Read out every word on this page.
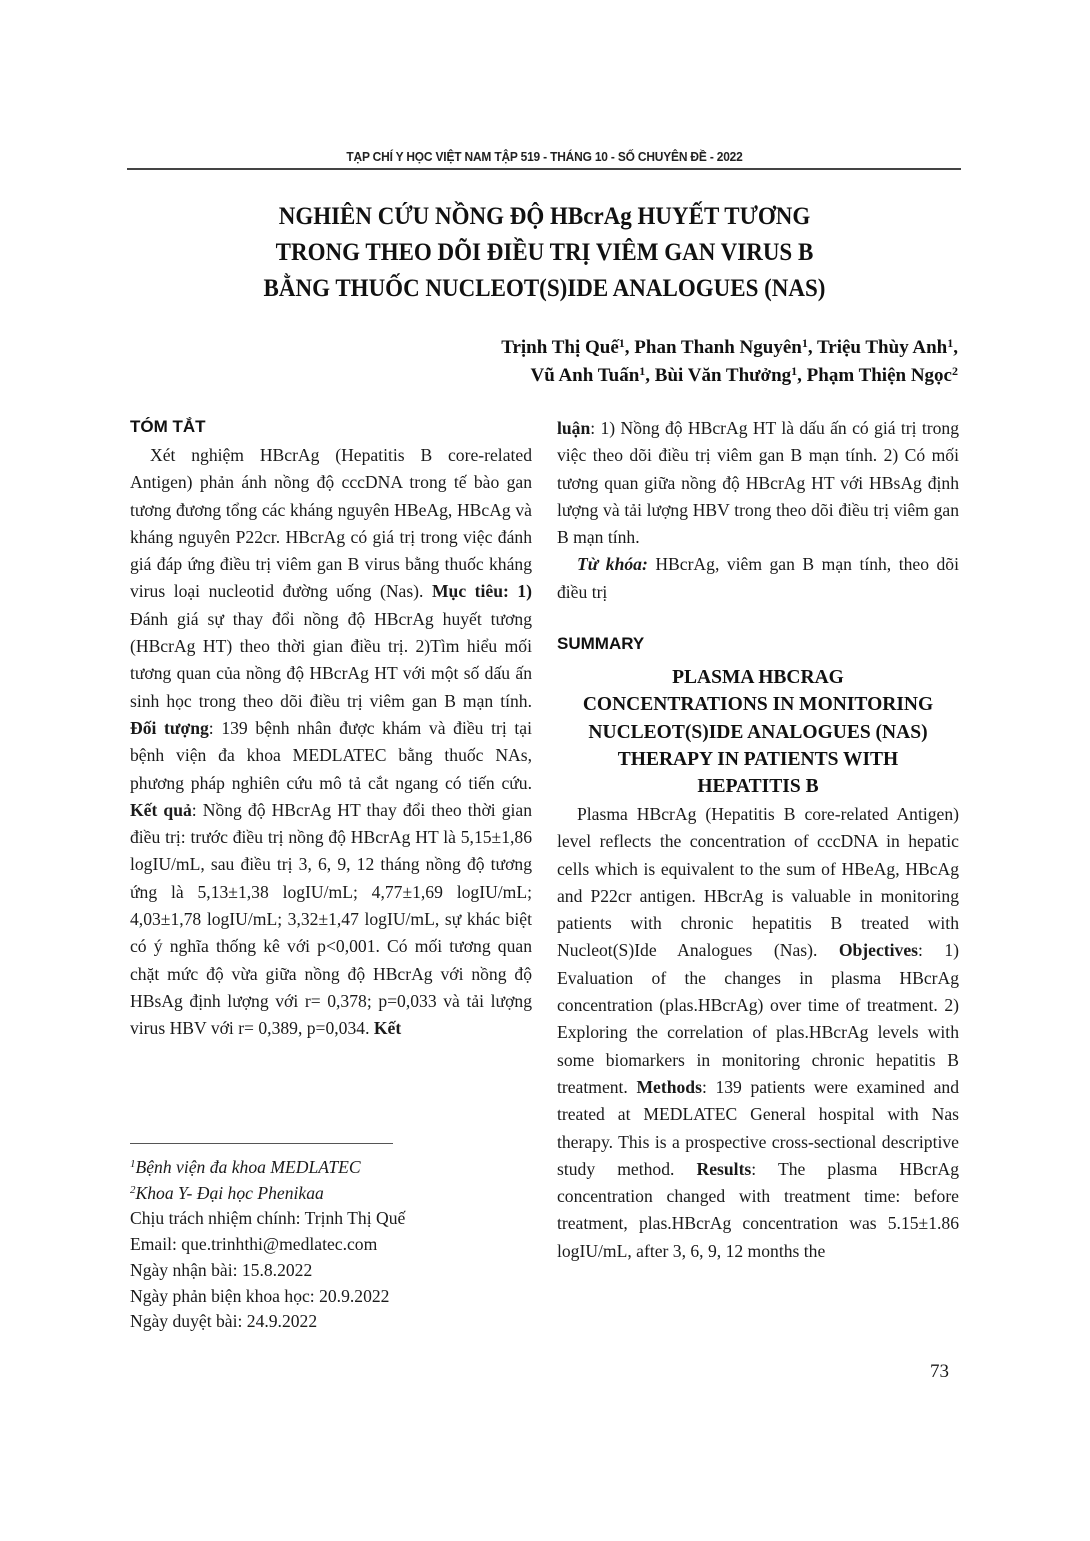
TẠP CHÍ Y HỌC VIỆT NAM TẬP 519 - THÁNG 10 - SỐ CHUYÊN ĐỀ - 2022
NGHIÊN CỨU NỒNG ĐỘ HBcrAg HUYẾT TƯƠNG
TRONG THEO DÕI ĐIỀU TRỊ VIÊM GAN VIRUS B
BẰNG THUỐC NUCLEOT(S)IDE ANALOGUES (NAS)
Trịnh Thị Quế$^1$, Phan Thanh Nguyên$^1$, Triệu Thùy Anh$^1$,
Vũ Anh Tuấn$^1$, Bùi Văn Thưởng$^1$, Phạm Thiện Ngọc$^2$
TÓM TẮT

Xét nghiệm HBcrAg (Hepatitis B core-related Antigen) phản ánh nồng độ cccDNA trong tế bào gan tương đương tổng các kháng nguyên HBeAg, HBcAg và kháng nguyên P22cr. HBcrAg có giá trị trong việc đánh giá đáp ứng điều trị viêm gan B virus bằng thuốc kháng virus loại nucleotid đường uống (Nas). Mục tiêu: 1) Đánh giá sự thay đổi nồng độ HBcrAg huyết tương (HBcrAg HT) theo thời gian điều trị. 2)Tìm hiểu mối tương quan của nồng độ HBcrAg HT với một số dấu ấn sinh học trong theo dõi điều trị viêm gan B mạn tính. Đối tượng: 139 bệnh nhân được khám và điều trị tại bệnh viện đa khoa MEDLATEC bằng thuốc NAs, phương pháp nghiên cứu mô tả cắt ngang có tiến cứu. Kết quả: Nồng độ HBcrAg HT thay đổi theo thời gian điều trị: trước điều trị nồng độ HBcrAg HT là 5,15±1,86 logIU/mL, sau điều trị 3, 6, 9, 12 tháng nồng độ tương ứng là 5,13±1,38 logIU/mL; 4,77±1,69 logIU/mL; 4,03±1,78 logIU/mL; 3,32±1,47 logIU/mL, sự khác biệt có ý nghĩa thống kê với p<0,001. Có mối tương quan chặt mức độ vừa giữa nồng độ HBcrAg với nồng độ HBsAg định lượng với r= 0,378; p=0,033 và tải lượng virus HBV với r= 0,389, p=0,034. Kết

$^1$Bệnh viện đa khoa MEDLATEC
$^2$Khoa Y- Đại học Phenikaa
Chịu trách nhiệm chính: Trịnh Thị Quế
Email: que.trinhthi@medlatec.com
Ngày nhận bài: 15.8.2022
Ngày phản biện khoa học: 20.9.2022
Ngày duyệt bài: 24.9.2022

luận: 1) Nồng độ HBcrAg HT là dấu ấn có giá trị trong việc theo dõi điều trị viêm gan B mạn tính. 2) Có mối tương quan giữa nồng độ HBcrAg HT với HBsAg định lượng và tải lượng HBV trong theo dõi điều trị viêm gan B mạn tính.

Từ khóa: HBcrAg, viêm gan B mạn tính, theo dõi điều trị

SUMMARY
PLASMA HBCRAG
CONCENTRATIONS IN MONITORING
NUCLEOT(S)IDE ANALOGUES (NAS)
THERAPY IN PATIENTS WITH
HEPATITIS B

Plasma HBcrAg (Hepatitis B core-related Antigen) level reflects the concentration of cccDNA in hepatic cells which is equivalent to the sum of HBeAg, HBcAg and P22cr antigen. HBcrAg is valuable in monitoring patients with chronic hepatitis B treated with Nucleot(S)Ide Analogues (Nas). Objectives: 1) Evaluation of the changes in plasma HBcrAg concentration (plas.HBcrAg) over time of treatment. 2) Exploring the correlation of plas.HBcrAg levels with some biomarkers in monitoring chronic hepatitis B treatment. Methods: 139 patients were examined and treated at MEDLATEC General hospital with Nas therapy. This is a prospective cross-sectional descriptive study method. Results: The plasma HBcrAg concentration changed with treatment time: before treatment, plas.HBcrAg concentration was 5.15±1.86 logIU/mL, after 3, 6, 9, 12 months the

73
